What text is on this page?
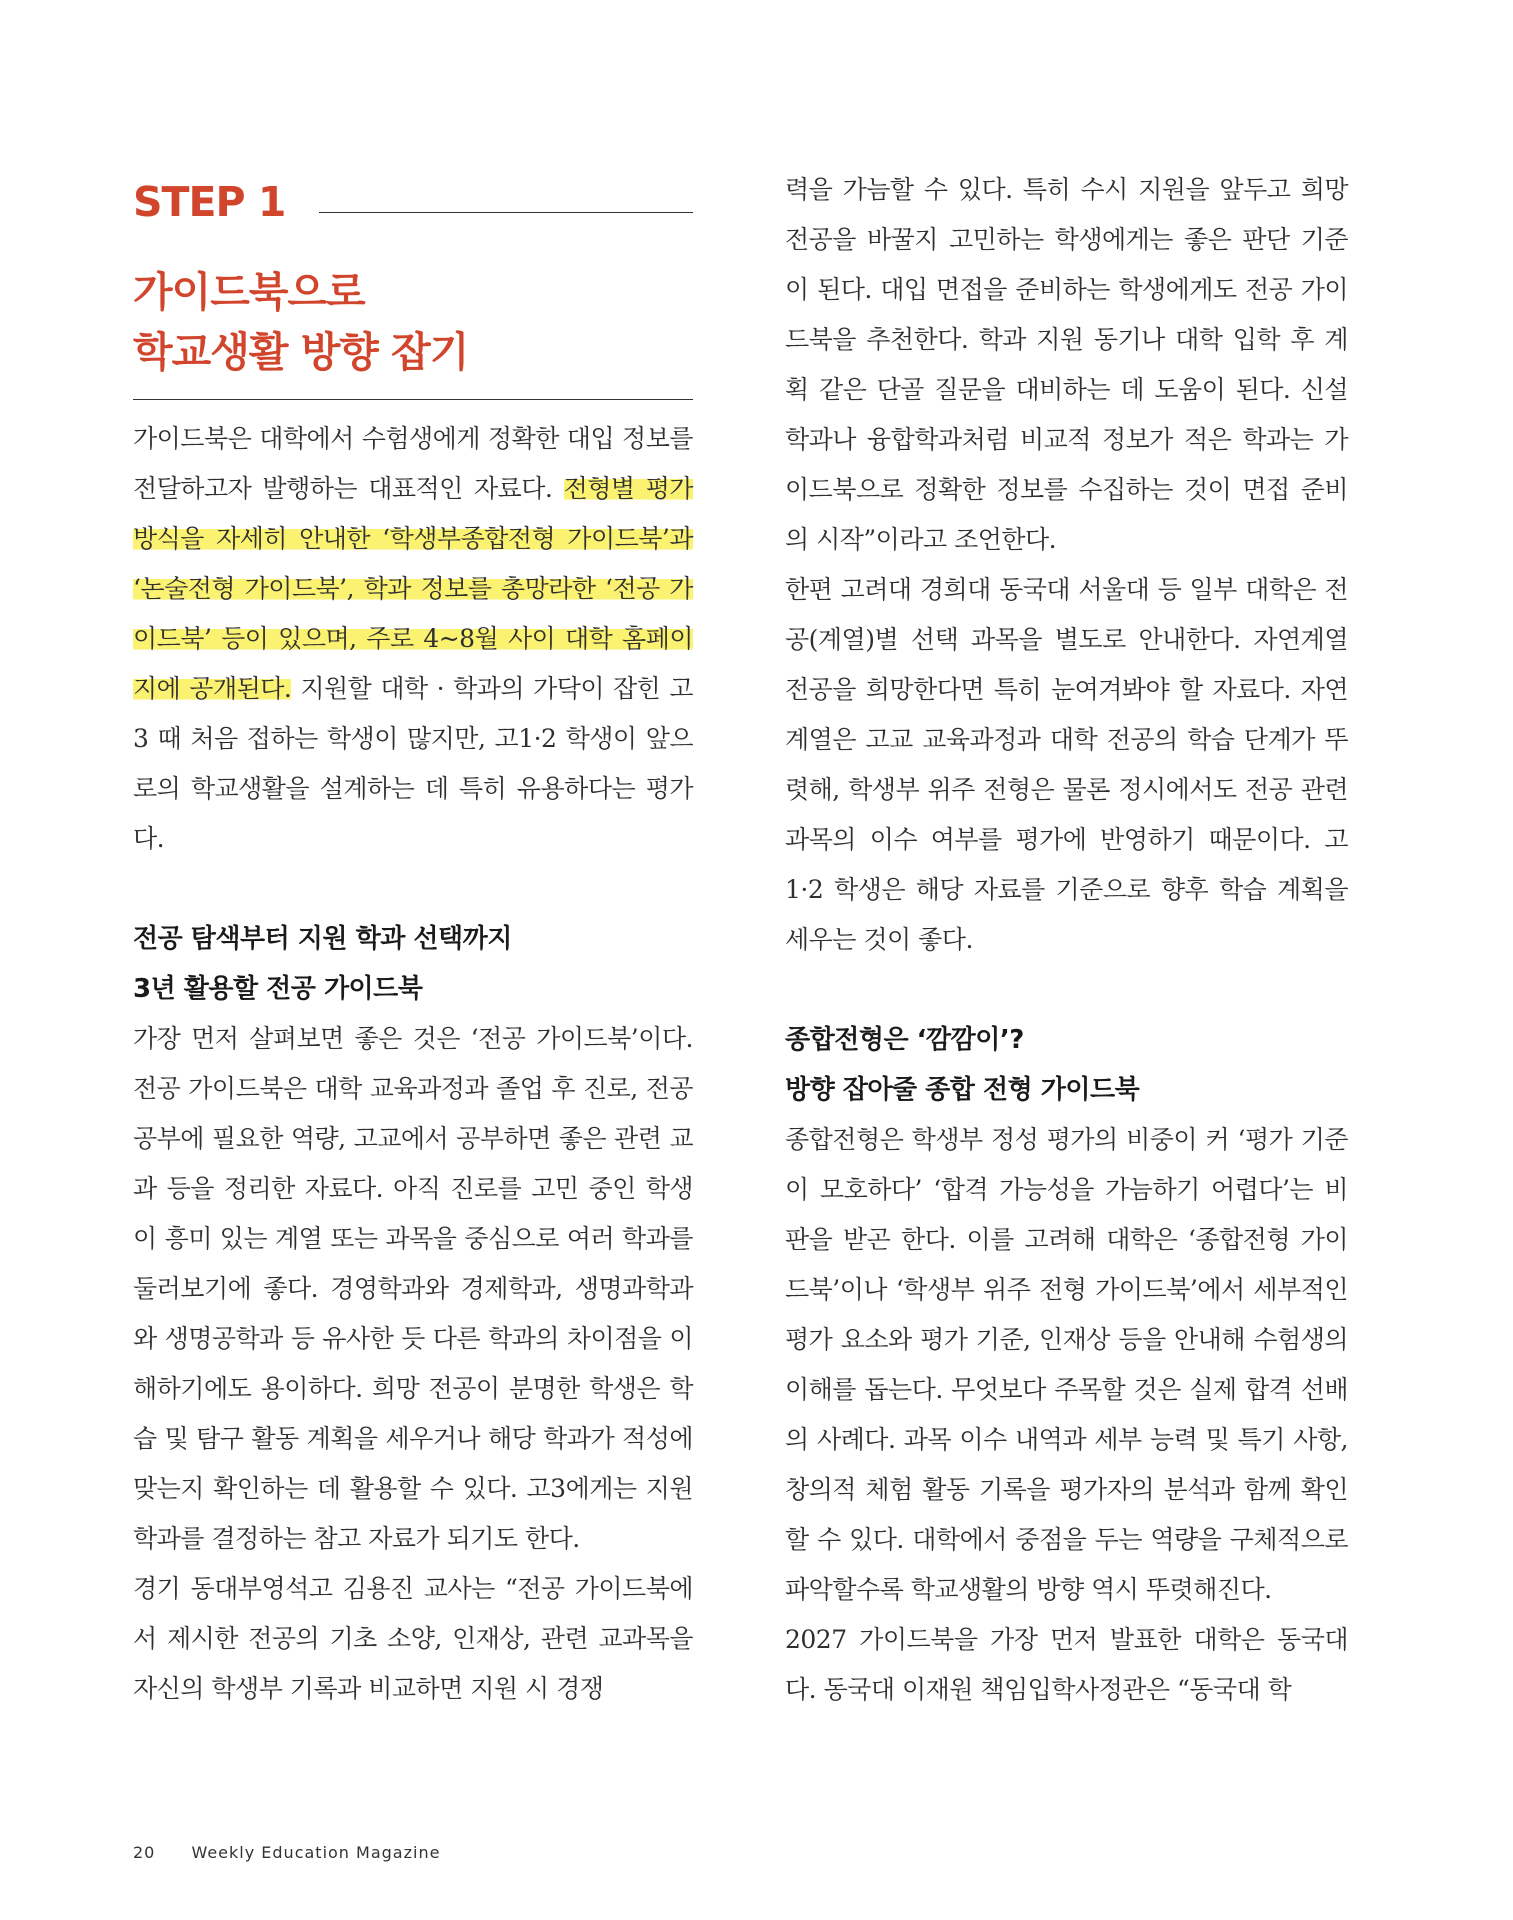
STEP 1
가이드북으로
학교생활 방향 잡기

가이드북은 대학에서 수험생에게 정확한 대입 정보를 전달하고자 발행하는 대표적인 자료다. 전형별 평가 방식을 자세히 안내한 ‘학생부종합전형 가이드북’과 ‘논술전형 가이드북’, 학과 정보를 총망라한 ‘전공 가이드북’ 등이 있으며, 주로 4~8월 사이 대학 홈페이지에 공개된다. 지원할 대학 · 학과의 가닥이 잡힌 고3 때 처음 접하는 학생이 많지만, 고1·2 학생이 앞으로의 학교생활을 설계하는 데 특히 유용하다는 평가다.

전공 탐색부터 지원 학과 선택까지

3년 활용할 전공 가이드북

가장 먼저 살펴보면 좋은 것은 ‘전공 가이드북’이다. 전공 가이드북은 대학 교육과정과 졸업 후 진로, 전공 공부에 필요한 역량, 고교에서 공부하면 좋은 관련 교과 등을 정리한 자료다. 아직 진로를 고민 중인 학생이 흥미 있는 계열 또는 과목을 중심으로 여러 학과를 둘러보기에 좋다. 경영학과와 경제학과, 생명과학과와 생명공학과 등 유사한 듯 다른 학과의 차이점을 이해하기에도 용이하다. 희망 전공이 분명한 학생은 학습 및 탐구 활동 계획을 세우거나 해당 학과가 적성에 맞는지 확인하는 데 활용할 수 있다. 고3에게는 지원 학과를 결정하는 참고 자료가 되기도 한다.

경기 동대부영석고 김용진 교사는 “전공 가이드북에서 제시한 전공의 기초 소양, 인재상, 관련 교과목을 자신의 학생부 기록과 비교하면 지원 시 경쟁

력을 가늠할 수 있다. 특히 수시 지원을 앞두고 희망 전공을 바꿀지 고민하는 학생에게는 좋은 판단 기준이 된다. 대입 면접을 준비하는 학생에게도 전공 가이드북을 추천한다. 학과 지원 동기나 대학 입학 후 계획 같은 단골 질문을 대비하는 데 도움이 된다. 신설 학과나 융합학과처럼 비교적 정보가 적은 학과는 가이드북으로 정확한 정보를 수집하는 것이 면접 준비의 시작”이라고 조언한다.

한편 고려대 경희대 동국대 서울대 등 일부 대학은 전공(계열)별 선택 과목을 별도로 안내한다. 자연계열 전공을 희망한다면 특히 눈여겨봐야 할 자료다. 자연 계열은 고교 교육과정과 대학 전공의 학습 단계가 뚜렷해, 학생부 위주 전형은 물론 정시에서도 전공 관련 과목의 이수 여부를 평가에 반영하기 때문이다. 고1·2 학생은 해당 자료를 기준으로 향후 학습 계획을 세우는 것이 좋다.

종합전형은 ‘깜깜이’?

방향 잡아줄 종합 전형 가이드북

종합전형은 학생부 정성 평가의 비중이 커 ‘평가 기준이 모호하다’ ‘합격 가능성을 가늠하기 어렵다’는 비판을 받곤 한다. 이를 고려해 대학은 ‘종합전형 가이드북’이나 ‘학생부 위주 전형 가이드북’에서 세부적인 평가 요소와 평가 기준, 인재상 등을 안내해 수험생의 이해를 돕는다. 무엇보다 주목할 것은 실제 합격 선배의 사례다. 과목 이수 내역과 세부 능력 및 특기 사항, 창의적 체험 활동 기록을 평가자의 분석과 함께 확인할 수 있다. 대학에서 중점을 두는 역량을 구체적으로 파악할수록 학교생활의 방향 역시 뚜렷해진다.

2027 가이드북을 가장 먼저 발표한 대학은 동국대다. 동국대 이재원 책임입학사정관은 “동국대 학

20 Weekly Education Magazine
